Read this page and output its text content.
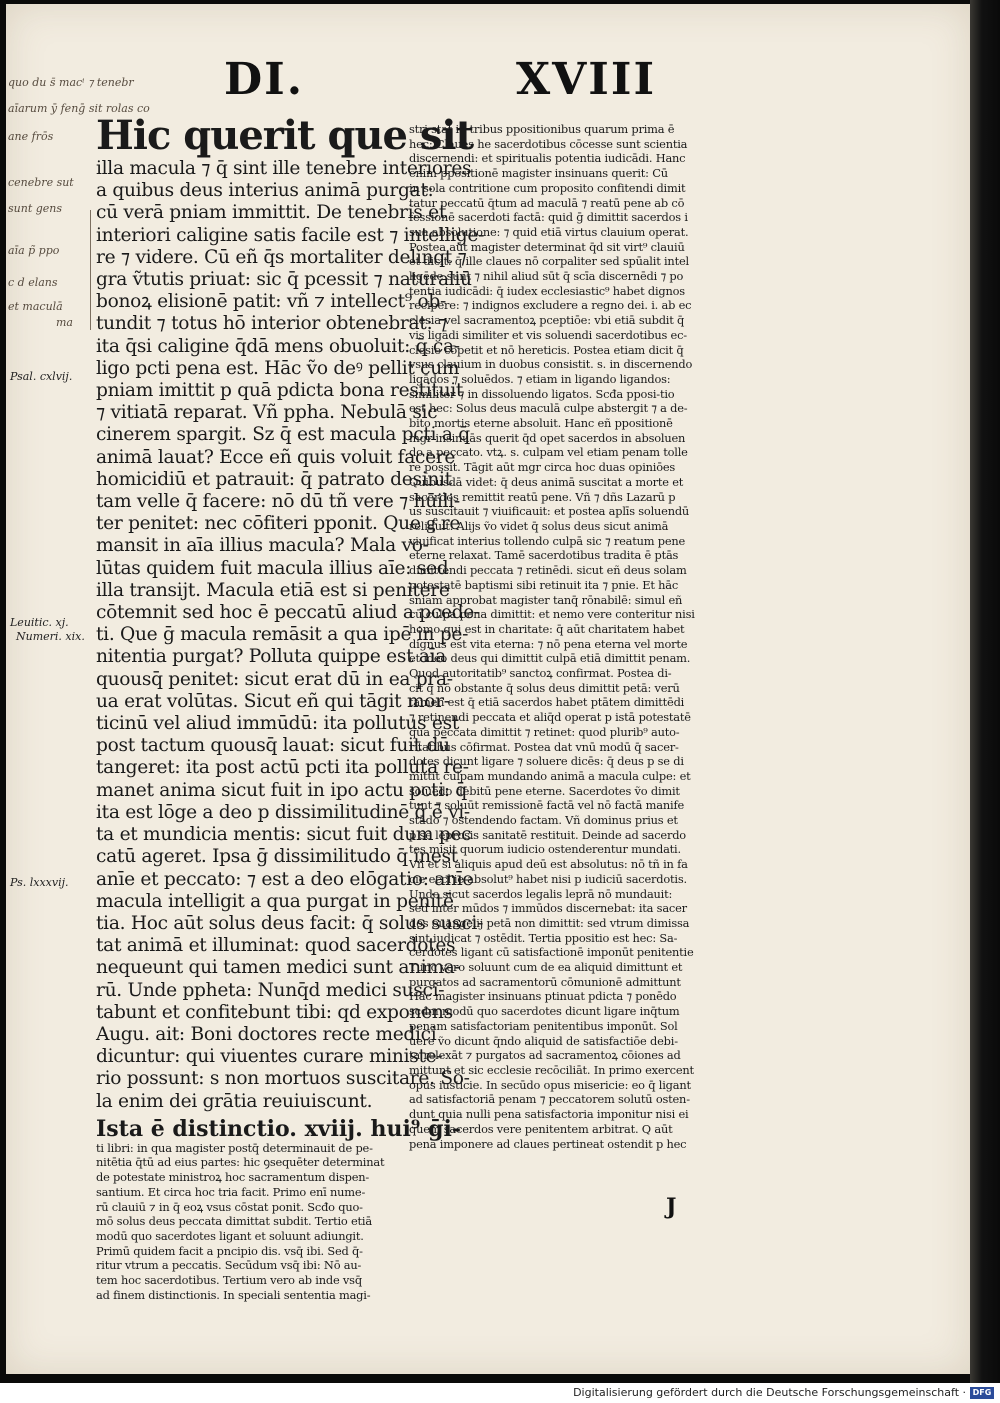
DI.	XVIII
quo du s̄ macⁱ ⁊ tenebr
aīarum ȳ fenḡ sit rolas co
ane frōs
cenebre sut
sunt gens
aīa p̃ ppo
c d elans
et maculā
ma
Psal. cxlvij.
Leuitic. xj.
Numeri. xix.
Ps. lxxxvij.

Hic querit que sit

illa macula ⁊ q̄ sint ille tenebre interiores
a quibus deus interius animā purgat:
cū verā pniam immittit. De tenebris et
interiori caligine satis facile est ⁊ intellige-
re ⁊ videre. Cū eñ q̄s mortaliter delinqt ⁊
gra ṽtutis priuat: sic q̄ pcessit ⁊ naturaliū
bonoꝝ elisionē patit: vñ ⁊ intellect⁹ ob-
tundit ⁊ totus hō interior obtenebrat: ⁊
ita q̄si caligine q̄dā mens obuoluit: q̄ ca-
ligo pcti pena est. Hāc ṽo deꝰ pellit cum
pniam imittit p quā pdicta bona restituit
⁊ vitiatā reparat. Vñ ppha. Nebulā sic
cinerem spargit. Sz q̄ est macula pcti a q̄
animā lauat? Ecce eñ quis voluit facere
homicidiū et patrauit: q̄ patrato desinit
tam velle q̄ facere: nō dū tñ vere ⁊ hūili-
ter penitet: nec cōfiteri pponit. Que gͤ re
mansit in aīa illius macula? Mala vo-
lūtas quidem fuit macula illius aīe: sed
illa transijt. Macula etiā est si penitere
cōtemnit sed hoc ē peccatū aliud a pcede-
ti. Que ḡ macula remāsit a qua ipē in pe-
nitentia purgat? Polluta quippe est aīa
quousq̄ penitet: sicut erat dū in ea pra-
ua erat volūtas. Sicut eñ qui tāgit mor-
ticinū vel aliud immūdū: ita pollutus est
post tactum quousq̄ lauat: sicut fuit dū
tangeret: ita post actū pcti ita polluta re-
manet anima sicut fuit in ipo actu pcti: q̄
ita est lōge a deo p dissimilitudinē q̄ ē vi-
ta et mundicia mentis: sicut fuit dum pec
catū ageret. Ipsa ḡ dissimilitudo q̄ inest
anīe et peccato: ⁊ est a deo elōgatio: anīe
macula intelligit a qua purgat in penitē
tia. Hoc aūt solus deus facit: q̄ solus susci-
tat animā et illuminat: quod sacerdotes
nequeunt qui tamen medici sunt anima-
rū. Unde ppheta: Nunq̄d medici susci-
tabunt et confitebunt tibi: qd exponens
Augu. ait: Boni doctores recte medici
dicuntur: qui viuentes curare ministe-
rio possunt: s non mortuos suscitare. So-
la enim dei grātia reuiuiscunt.

Ista ē distinctio. xviij. hui⁹ ḡi-

ti libri: in qua magister postq̄ determinauit de pe-
nitētia q̄tū ad eius partes: hic ꝯsequēter determinat
de potestate ministroꝝ hoc sacramentum dispen-
santium. Et circa hoc tria facit. Primo enī nume-
rū clauiū ⁊ in q̄ eoꝝ vsus cōstat ponit. Scđo quo-
mō solus deus peccata dimittat subdit. Tertio etiā
modū quo sacerdotes ligant et soluunt adiungit.
Primū quidem facit a pncipio dis. vsq̄ ibi. Sed q̄-
ritur vtrum a peccatis. Secūdum vsq̄ ibi: Nō au-
tem hoc sacerdotibus. Tertium vero ab inde vsq̄
ad finem distinctionis. In speciali sententia magi-
stri stat in tribus ppositionibus quarum prima ē
hec: Claues he sacerdotibus cōcesse sunt scientia
discernendi: et spiritualis potentia iudicādi. Hanc
enim ppositionē magister insinuans querit: Cū
in sola contritione cum proposito confitendi dimit
tatur peccatū q̄tum ad maculā ⁊ reatū pene ab cō
fessionē sacerdoti factā: quid ḡ dimittit sacerdos i
sua absolutione: ⁊ quid etiā virtus clauium operat.
Postea aūt magister determinat q̄d sit virt⁹ clauiū
et dicit: q̄ ille claues nō corpaliter sed spūalit intel
ligēde sunt ⁊ nihil aliud sūt q̄ scīa discernēdi ⁊ po
tentia iudicādi: q̄ iudex ecclesiastic⁹ habet dignos
recipere: ⁊ indignos excludere a regno dei. i. ab ec
clesia vel sacramentoꝝ pceptiōe: vbi etiā subdit q̄
vis ligādi similiter et vis soluendi sacerdotibus ec-
clesie cōpetit et nō hereticis. Postea etiam dicit q̄
vsus clauium in duobus consistit. s. in discernendo
ligādos ⁊ soluēdos. ⁊ etiam in ligando ligandos:
similiter ⁊ in dissoluendo ligatos. Scđa pposi-tio
est hec: Solus deus maculā culpe abstergit ⁊ a de-
bito mortis eterne absoluit. Hanc eñ ppositionē
mgr insinuās querit q̄d opet sacerdos in absoluen
do a peccato. vtꝝ. s. culpam vel etiam penam tolle
re possit. Tāgit aūt mgr circa hoc duas opiniōes
Quibusdā videt: q̄ deus animā suscitat a morte et
sacerdos remittit reatū pene. Vñ ⁊ dñs Lazarū p
us suscitauit ⁊ viuificauit: et postea aplīs soluendū
reliquit. Alijs ṽo videt q̄ solus deus sicut animā
viuificat interius tollendo culpā sic ⁊ reatum pene
eterne relaxat. Tamē sacerdotibus tradita ē ptās
dimittendi peccata ⁊ retinēdi. sicut eñ deus solam
potestatē baptismi sibi retinuit ita ⁊ pnie. Et hāc
sniam approbat magister tanq̄ rōnabilē: simul eñ
cū culpa pena dimittit: et nemo vere conteritur nisi
homo qui est in charitate: q̄ aūt charitatem habet
dignus est vita eterna: ⁊ nō pena eterna vel morte
et ideo deus qui dimittit culpā etiā dimittit penam.
Quod autoritatib⁹ sanctoꝝ confirmat. Postea di-
cit q̄ nō obstante q̄ solus deus dimittit petā: verū
tamen est q̄ etiā sacerdos habet ptātem dimittēdi
⁊ retinendi peccata et aliq̄d operat p istā potestatē
qua peccata dimittit ⁊ retinet: quod plurib⁹ auto-
ritatibus cōfirmat. Postea dat vnū modū q̄ sacer-
dotes dicunt ligare ⁊ soluere dicēs: q̄ deus p se di
mittit culpam mundando animā a macula culpe: et
soluēdo debitū pene eterne. Sacerdotes ṽo dimit
tunt ⁊ soluūt remissionē factā vel nō factā manife
stādo ⁊ ostendendo factam. Vñ dominus prius et
p se leprosis sanitatē restituit. Deinde ad sacerdo
tes misit quorum iudicio ostenderentur mundati.
Vñ et si aliquis apud deū est absolutus: nō tñ in fa
cie eccl'ie absolut⁹ habet nisi p iudiciū sacerdotis.
Unde sicut sacerdos legalis leprā nō mundauit:
sed inter mūdos ⁊ immūdos discernebat: ita sacer
dos euangelij petā non dimittit: sed vtrum dimissa
sint iudicat ⁊ ostēdit. Tertia ppositio est hec: Sa-
cerdotes ligant cū satisfactionē imponūt penitentie
Tunc vero soluunt cum de ea aliquid dimittunt et
purgatos ad sacramentorū cōmunionē admittunt
Hāc magister insinuans ptinuat pdicta ⁊ ponēdo
scđm modū quo sacerdotes dicunt ligare inq̄tum
penam satisfactoriam penitentibus imponūt. Sol
uere ṽo dicunt q̄ndo aliquid de satisfactiōe debi-
ta relexāt ⁊ purgatos ad sacramentoꝝ cōiones ad
mittunt et sic ecclesie recōciliāt. In primo exercent
opus iusticie. In secūdo opus misericie: eo q̄ ligant
ad satisfactoriā penam ⁊ peccatorem solutū osten-
dunt quia nulli pena satisfactoria imponitur nisi ei
quem sacerdos vere penitentem arbitrat. Q aūt
penā imponere ad claues pertineat ostendit p hec
J
Digitalisierung gefördert durch die Deutsche Forschungsgemeinschaft · DFG
